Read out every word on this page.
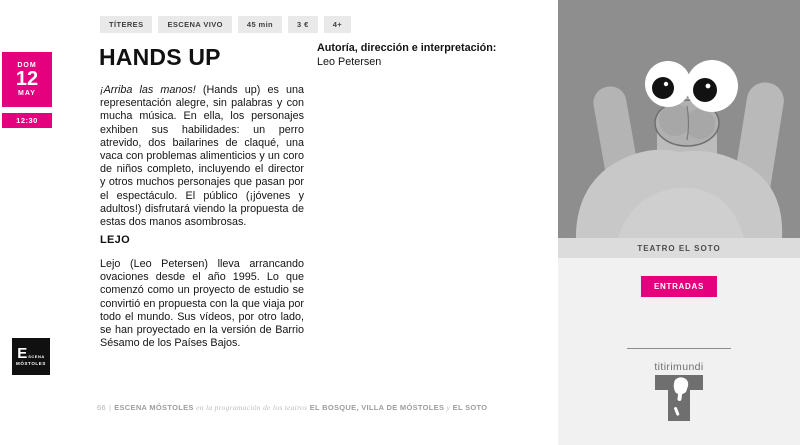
DOM
12
MAY
12:30
E SCENA
MÓSTOLES
TÍTERES	ESCENA VIVO	45 min	3 €	4+
HANDS UP

¡Arriba las manos! (Hands up) es una representación alegre, sin palabras y con mucha música. En ella, los personajes exhiben sus habilidades: un perro atrevido, dos bailarines de claqué, una vaca con problemas alimenticios y un coro de niños completo, incluyendo el director y otros muchos personajes que pasan por el espectáculo. El público (¡jóvenes y adultos!) disfrutará viendo la propuesta de estas dos manos asombrosas.

LEJO

Lejo (Leo Petersen) lleva arrancando ovaciones desde el año 1995. Lo que comenzó como un proyecto de estudio se convirtió en propuesta con la que viaja por todo el mundo. Sus vídeos, por otro lado, se han proyectado en la versión de Barrio Sésamo de los Países Bajos.

Autoría, dirección e interpretación:
Leo Petersen
TEATRO EL SOTO
ENTRADAS
titirimundi
66 | ESCENA MÓSTOLES en la programación de los teatros EL BOSQUE, VILLA DE MÓSTOLES y EL SOTO
